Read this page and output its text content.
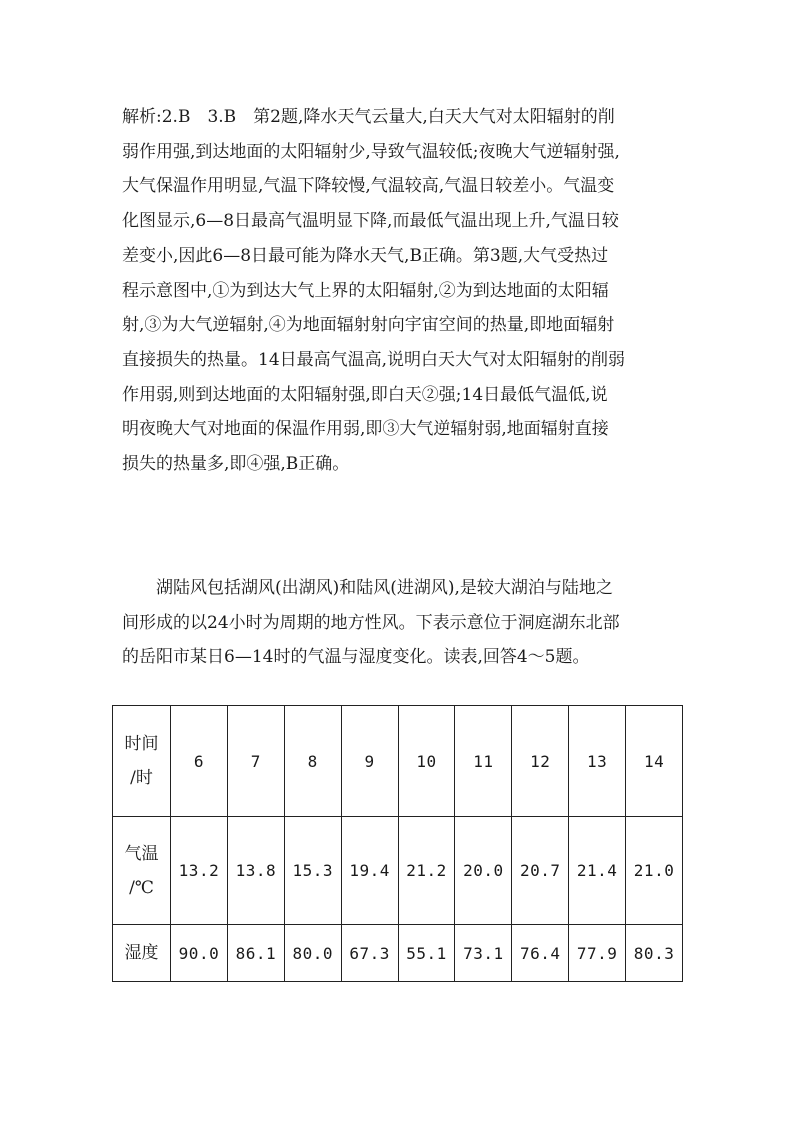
解析:2.B　3.B　第2题,降水天气云量大,白天大气对太阳辐射的削
弱作用强,到达地面的太阳辐射少,导致气温较低;夜晚大气逆辐射强,
大气保温作用明显,气温下降较慢,气温较高,气温日较差小。气温变
化图显示,6—8日最高气温明显下降,而最低气温出现上升,气温日较
差变小,因此6—8日最可能为降水天气,B正确。第3题,大气受热过
程示意图中,①为到达大气上界的太阳辐射,②为到达地面的太阳辐
射,③为大气逆辐射,④为地面辐射射向宇宙空间的热量,即地面辐射
直接损失的热量。14日最高气温高,说明白天大气对太阳辐射的削弱
作用弱,则到达地面的太阳辐射强,即白天②强;14日最低气温低,说
明夜晚大气对地面的保温作用弱,即③大气逆辐射弱,地面辐射直接
损失的热量多,即④强,B正确。
湖陆风包括湖风(出湖风)和陆风(进湖风),是较大湖泊与陆地之
间形成的以24小时为周期的地方性风。下表示意位于洞庭湖东北部
的岳阳市某日6—14时的气温与湿度变化。读表,回答4～5题。
时间
/时	6	7	8	9	10	11	12	13	14

气温
/℃	13.2	13.8	15.3	19.4	21.2	20.0	20.7	21.4	21.0

湿度	90.0	86.1	80.0	67.3	55.1	73.1	76.4	77.9	80.3
